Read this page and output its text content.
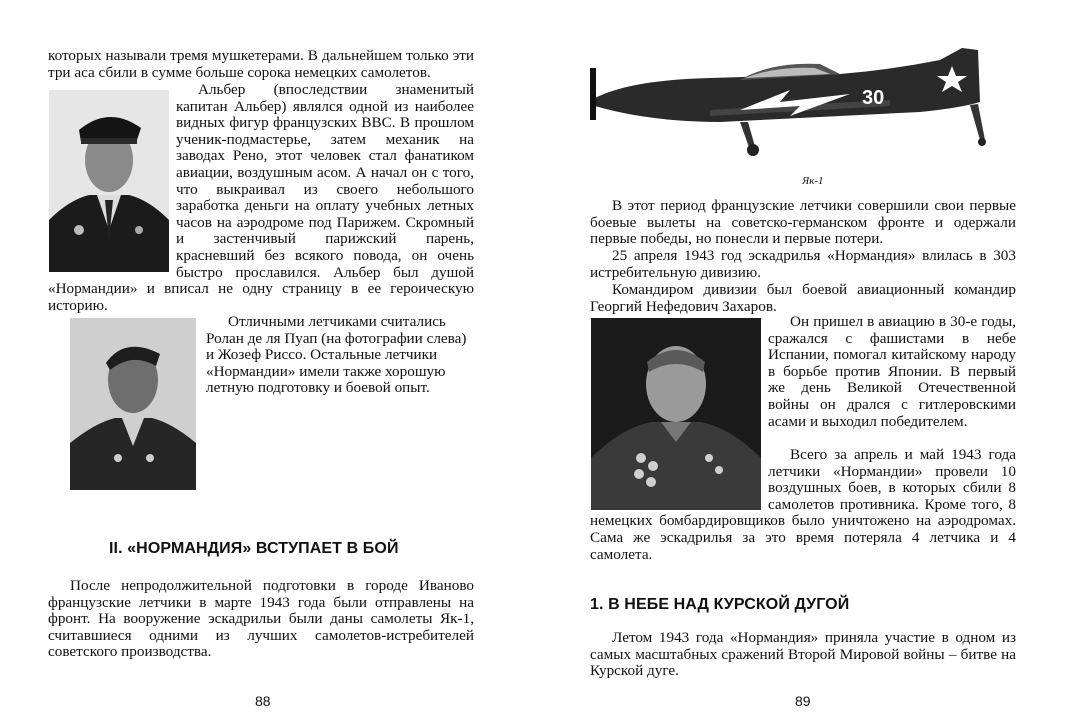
которых называли тремя мушкетерами. В дальнейшем только эти три аса сбили в сумме больше сорока немецких самолетов.

Альбер (впоследствии знаменитый капитан Альбер) являлся одной из наиболее видных фигур французских ВВС. В прошлом ученик-подмастерье, затем механик на заводах Рено, этот человек стал фанатиком авиации, воздушным асом. А начал он с того, что выкраивал из своего небольшого заработка деньги на оплату учебных летных часов на аэродроме под Парижем. Скромный и застенчивый парижский парень, красневший без всякого повода, он очень быстро прославился. Альбер был душой «Нормандии» и вписал не одну страницу в ее героическую историю.

Отличными летчиками считались Ролан де ля Пуап (на фотографии слева) и Жозеф Риссо. Остальные летчики «Нормандии» имели также хорошую летную подготовку и боевой опыт.

II. «НОРМАНДИЯ» ВСТУПАЕТ В БОЙ

После непродолжительной подготовки в городе Иваново французские летчики в марте 1943 года были отправлены на фронт. На вооружение эскадрильи были даны самолеты Як-1, считавшиеся одними из лучших самолетов-истребителей советского производства.

88
30
Як-1

В этот период французские летчики совершили свои первые боевые вылеты на советско-германском фронте и одержали первые победы, но понесли и первые потери.

25 апреля 1943 год эскадрилья «Нормандия» влилась в 303 истребительную дивизию.

Командиром дивизии был боевой авиационный командир Георгий Нефедович Захаров.

Он пришел в авиацию в 30-е годы, сражался с фашистами в небе Испании, помогал китайскому народу в борьбе против Японии. В первый же день Великой Отечественной войны он дрался с гитлеровскими асами и выходил победителем.

Всего за апрель и май 1943 года летчики «Нормандии» провели 10 воздушных боев, в которых сбили 8 самолетов противника. Кроме того, 8 немецких бомбардировщиков было уничтожено на аэродромах. Сама же эскадрилья за это время потеряла 4 летчика и 4 самолета.

1. В НЕБЕ НАД КУРСКОЙ ДУГОЙ

Летом 1943 года «Нормандия» приняла участие в одном из самых масштабных сражений Второй Мировой войны – битве на Курской дуге.

89
